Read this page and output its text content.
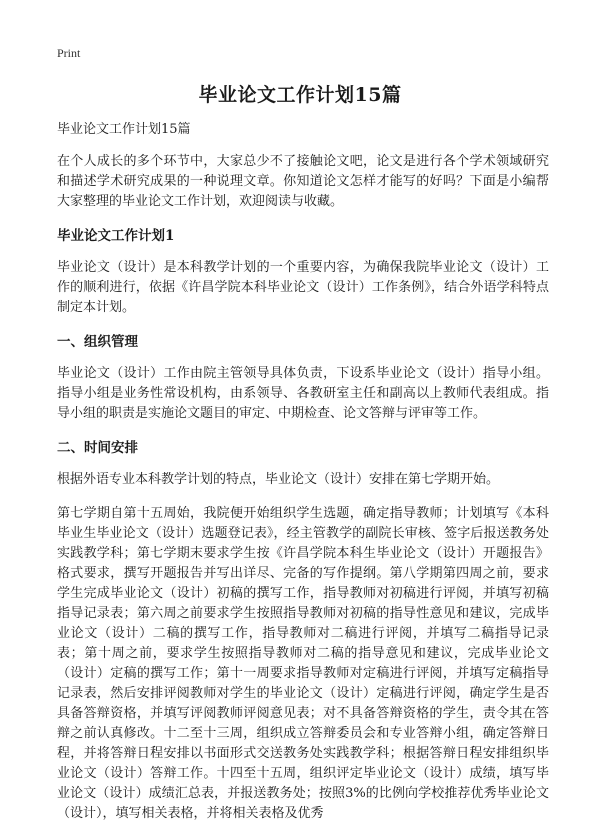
Print
毕业论文工作计划15篇

毕业论文工作计划15篇

在个人成长的多个环节中，大家总少不了接触论文吧，论文是进行各个学术领域研究和描述学术研究成果的一种说理文章。你知道论文怎样才能写的好吗？下面是小编帮大家整理的毕业论文工作计划，欢迎阅读与收藏。

毕业论文工作计划1

毕业论文（设计）是本科教学计划的一个重要内容，为确保我院毕业论文（设计）工作的顺利进行，依据《许昌学院本科毕业论文（设计）工作条例》，结合外语学科特点制定本计划。

一、组织管理

毕业论文（设计）工作由院主管领导具体负责，下设系毕业论文（设计）指导小组。指导小组是业务性常设机构，由系领导、各教研室主任和副高以上教师代表组成。指导小组的职责是实施论文题目的审定、中期检查、论文答辩与评审等工作。

二、时间安排

根据外语专业本科教学计划的特点，毕业论文（设计）安排在第七学期开始。

第七学期自第十五周始，我院便开始组织学生选题，确定指导教师；计划填写《本科毕业生毕业论文（设计）选题登记表》，经主管教学的副院长审核、签字后报送教务处实践教学科；第七学期末要求学生按《许昌学院本科生毕业论文（设计）开题报告》格式要求，撰写开题报告并写出详尽、完备的写作提纲。第八学期第四周之前，要求学生完成毕业论文（设计）初稿的撰写工作，指导教师对初稿进行评阅，并填写初稿指导记录表；第六周之前要求学生按照指导教师对初稿的指导性意见和建议，完成毕业论文（设计）二稿的撰写工作，指导教师对二稿进行评阅，并填写二稿指导记录表；第十周之前，要求学生按照指导教师对二稿的指导意见和建议，完成毕业论文（设计）定稿的撰写工作；第十一周要求指导教师对定稿进行评阅，并填写定稿指导记录表，然后安排评阅教师对学生的毕业论文（设计）定稿进行评阅，确定学生是否具备答辩资格，并填写评阅教师评阅意见表；对不具备答辩资格的学生，责令其在答辩之前认真修改。十二至十三周，组织成立答辩委员会和专业答辩小组，确定答辩日程，并将答辩日程安排以书面形式交送教务处实践教学科；根据答辩日程安排组织毕业论文（设计）答辩工作。十四至十五周，组织评定毕业论文（设计）成绩，填写毕业论文（设计）成绩汇总表，并报送教务处；按照3%的比例向学校推荐优秀毕业论文（设计），填写相关表格，并将相关表格及优秀
